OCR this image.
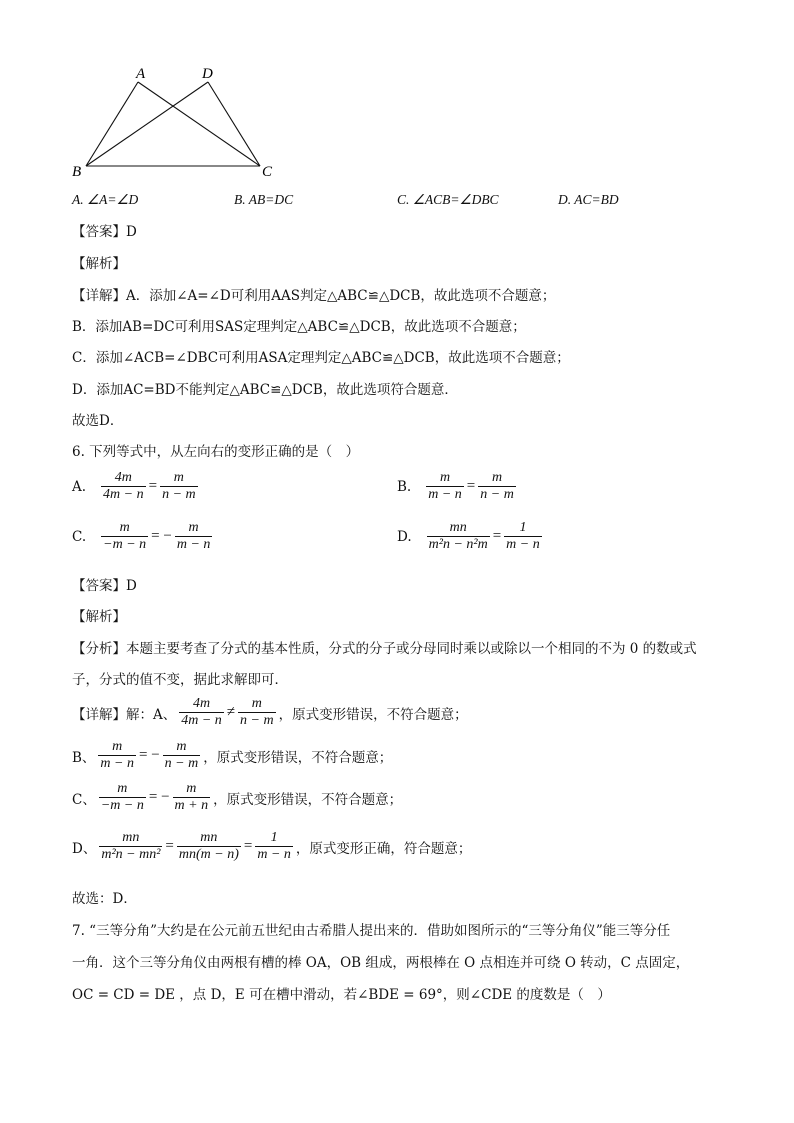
A	D
B	C
A. ∠A=∠D	B. AB=DC	C. ∠ACB=∠DBC	D. AC=BD
【答案】D
【解析】
【详解】A．添加∠A=∠D可利用AAS判定△ABC≌△DCB，故此选项不合题意；
B．添加AB=DC可利用SAS定理判定△ABC≌△DCB，故此选项不合题意；
C．添加∠ACB=∠DBC可利用ASA定理判定△ABC≌△DCB，故此选项不合题意；
D．添加AC=BD不能判定△ABC≌△DCB，故此选项符合题意．
故选D．
6. 下列等式中，从左向右的变形正确的是（　）
A. $\frac{4m}{4m - n} = \frac{m}{n - m}$	B. $\frac{m}{m - n} = \frac{m}{n - m}$
C. $\frac{m}{-m - n}$ = − $\frac{m}{m - n}$	D. $\frac{mn}{\text{m²n − n²m}} = \frac{1}{m - n}$
【答案】D
【解析】
【分析】本题主要考查了分式的基本性质，分式的分子或分母同时乘以或除以一个相同的不为 0 的数或式
子，分式的值不变，据此求解即可．
【详解】解：A、 $\frac{4m}{4m - n} \ne \frac{m}{n - m}$ ，原式变形错误，不符合题意；
B、 $\frac{m}{m - n}$ = − $\frac{m}{n - m}$ ，原式变形错误，不符合题意；
C、 $\frac{m}{-m - n}$ = − $\frac{m}{m + n}$ ，原式变形错误，不符合题意；
D、 $\frac{mn}{\text{m²n − mn²}} = \frac{mn}{mn(m - n)} = \frac{1}{m - n}$ ，原式变形正确，符合题意；
故选：D．
7. “三等分角”大约是在公元前五世纪由古希腊人提出来的．借助如图所示的“三等分角仪”能三等分任
一角．这个三等分角仪由两根有槽的棒 OA，OB 组成，两根棒在 O 点相连并可绕 O 转动，C 点固定，
OC = CD = DE ，点 D，E 可在槽中滑动，若∠BDE = 69°，则∠CDE 的度数是（　）
